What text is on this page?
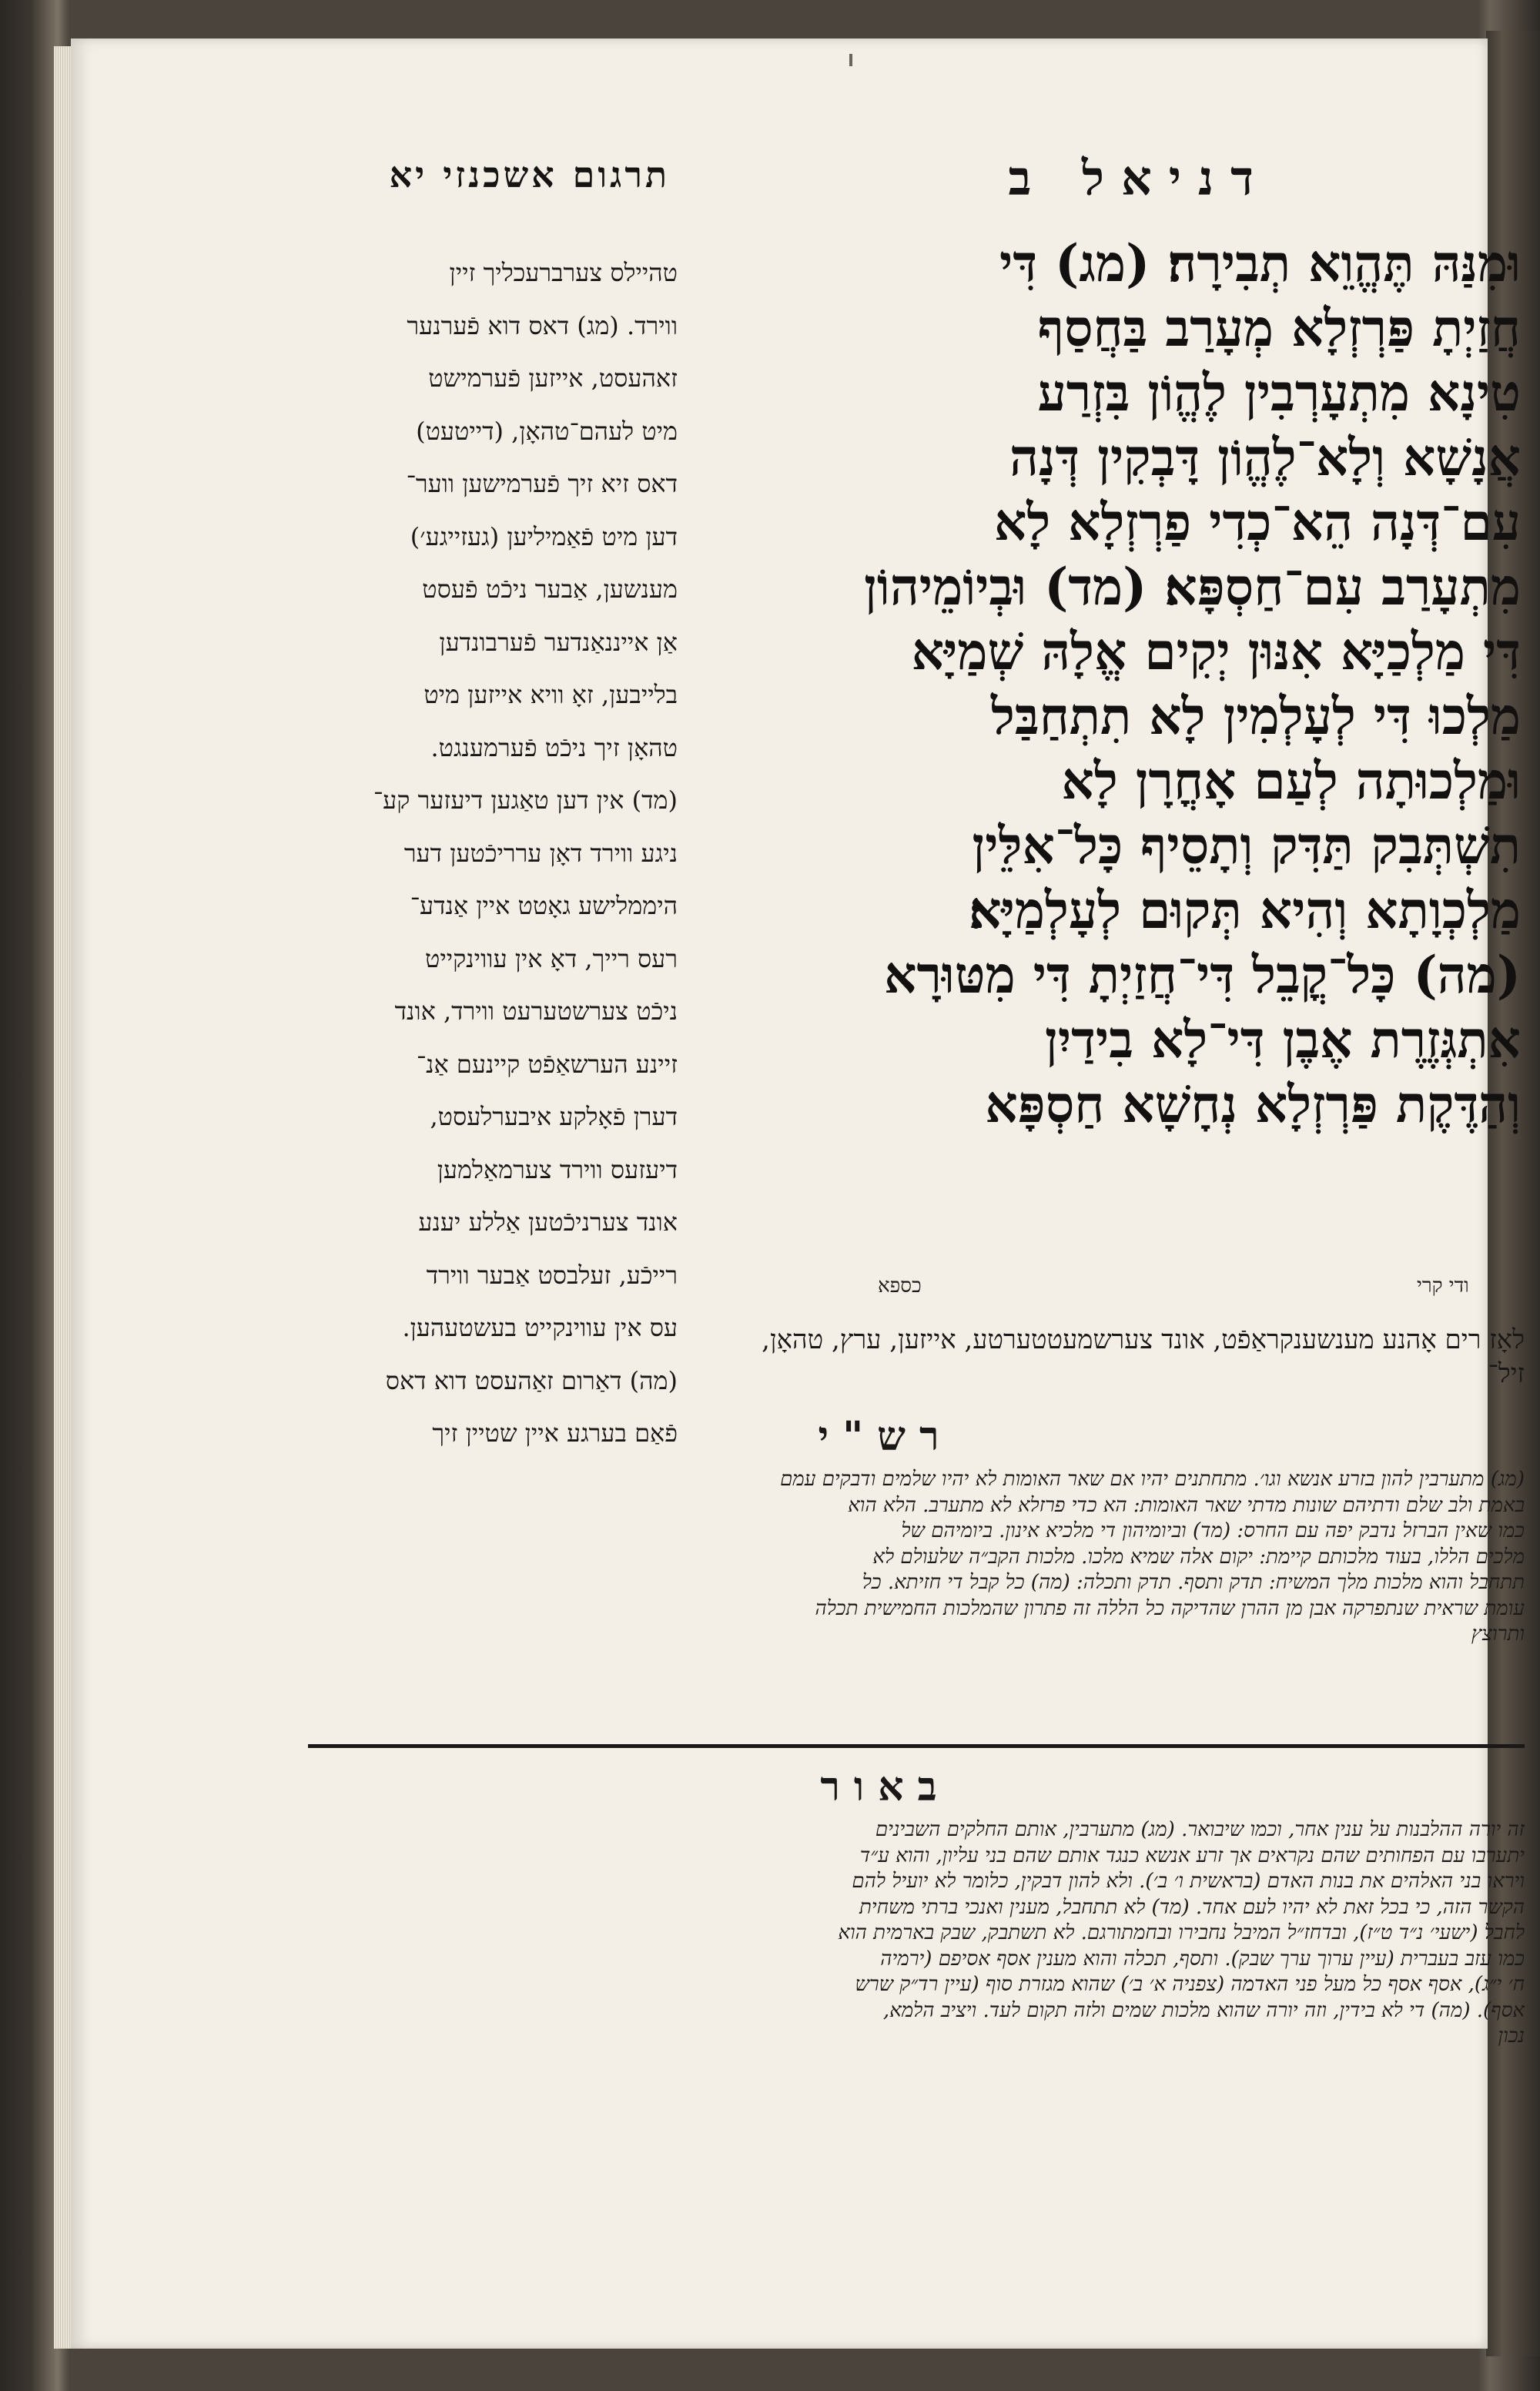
תרגום אשכנזי יא	דניאל ב
טהיילס צערברעכליך זיין
ווירד. (מג) דאס דוא פֿערנער
זאהעסט, אייזען פֿערמישט
מיט לעהם־טהאָן, (דייטעט)
דאס זיא זיך פֿערמישען ווער־
דען מיט פֿאַמיליען (געזייגע׳)
מענשען, אַבער ניכֿט פֿעסט
אַן אייננאַנדער פֿערבונדען
בלייבען, זאָ וויא אייזען מיט
טהאָן זיך ניכֿט פֿערמענגט.
(מד) אין דען טאַגען דיעזער קע־
ניגע ווירד דאָן ערריכֿטען דער
היממלישע גאָטט איין אַנדע־
רעס רייך, דאָ אין עווינקייט
ניכֿט צערשטערעט ווירד, אונד
זיינע הערשאַפֿט קיינעם אַנ־
דערן פֿאָלקע איבערלעסט,
דיעזעס ווירד צערמאַלמען
אונד צערניכֿטען אַללע יענע
רייכֿע, זעלבסט אַבער ווירד
עס אין עווינקייט בעשטעהען.
(מה) דאַרום זאַהעסט דוא דאס
פֿאַם בערגע איין שטיין זיך
וּמִנַּהּ תֶּהֱוֵא תְבִירָה׃ (מג) דִּי
חֲזַיְתָ פַּרְזְלָא מְעָרַב בַּחֲסַף
טִינָא מִתְעָרְבִין לֶהֱוֹן בִּזְרַע
אֲנָשָׁא וְלָא־לֶהֱוֹן דָּבְקִין דְּנָה
עִם־דְּנָה הֵא־כְדִי פַרְזְלָא לָא
מִתְעָרַב עִם־חַסְפָּא׃ (מד) וּבְיוֹמֵיהוֹן
דִּי מַלְכַיָּא אִנּוּן יְקִים אֱלָהּ שְׁמַיָּא
מַלְכוּ דִּי לְעָלְמִין לָא תִתְחַבַּל
וּמַלְכוּתָה לְעַם אָחֳרָן לָא
תִשְׁתְּבִק תַּדִּק וְתָסֵיף כָּל־אִלֵּין
מַלְכְוָתָא וְהִיא תְּקוּם לְעָלְמַיָּא׃
(מה) כָּל־קֳבֵל דִּי־חֲזַיְתָ דִּי מִטּוּרָא
אִתְגְּזֶרֶת אֶבֶן דִּי־לָא בִידַיִן
וְהַדֶּקֶת פַּרְזְלָא נְחָשָׁא חַסְפָּא
כספא	ודי קרי
לאָז רים אָהנע מענשענקראַפֿט, אונד צערשמעטטערטע, אייזען, ערץ, טהאָן,
זיל־
רש"י
(מג) מתערבין להון בזרע אנשא וגו׳. מתחתנים יהיו אם שאר האומות לא יהיו שלמים ודבקים עמם
באמת ולב שלם ודתיהם שונות מדתי שאר האומות: הא כדי פרזלא לא מתערב. הלא הוא
כמו שאין הברזל נדבק יפה עם החרס: (מד) וביומיהון די מלכיא אינון. ביומיהם של
מלכים הללו, בעוד מלכותם קיימת: יקום אלה שמיא מלכו. מלכות הקב״ה שלעולם לא
תתחבל והוא מלכות מלך המשיח: תדק ותסף. תדק ותכלה: (מה) כל קבל די חזיתא. כל
עומת שראית שנתפרקה אבן מן ההרן שהדיקה כל הללה זה פתרון שהמלכות החמישית תכלה
ותרוצץ
באור
זה יורה ההלבנות על ענין אחר, וכמו שיבואר. (מג) מתערבין, אותם החלקים השבינים
יתערבו עם הפחותים שהם נקראים אך זרע אנשא כנגד אותם שהם בני עליון, והוא ע״ד
ויראו בני האלהים את בנות האדם (בראשית ו׳ ב׳). ולא להון דבקין, כלומר לא יועיל להם
הקשר הזה, כי בכל זאת לא יהיו לעם אחד. (מד) לא תתחבל, מענין ואנכי ברתי משחית
לחבל (ישעי׳ נ״ד ט״ז), ובדחז״ל המיבל נחבירו ובחמתורגם. לא תשתבק, שבק בארמית הוא
כמו עזב בעברית (עיין ערוך ערך שבק). ותסף, תכלה והוא מענין אסף אסיפם (ירמיה
ח׳ י״ג), אסף אסף כל מעל פני האדמה (צפניה א׳ ב׳) שהוא מגזרת סוף (עיין רד״ק שרש
אסף). (מה) די לא בידין, וזה יורה שהוא מלכות שמים ולזה תקום לעד. ויציב הלמא,
נכון
